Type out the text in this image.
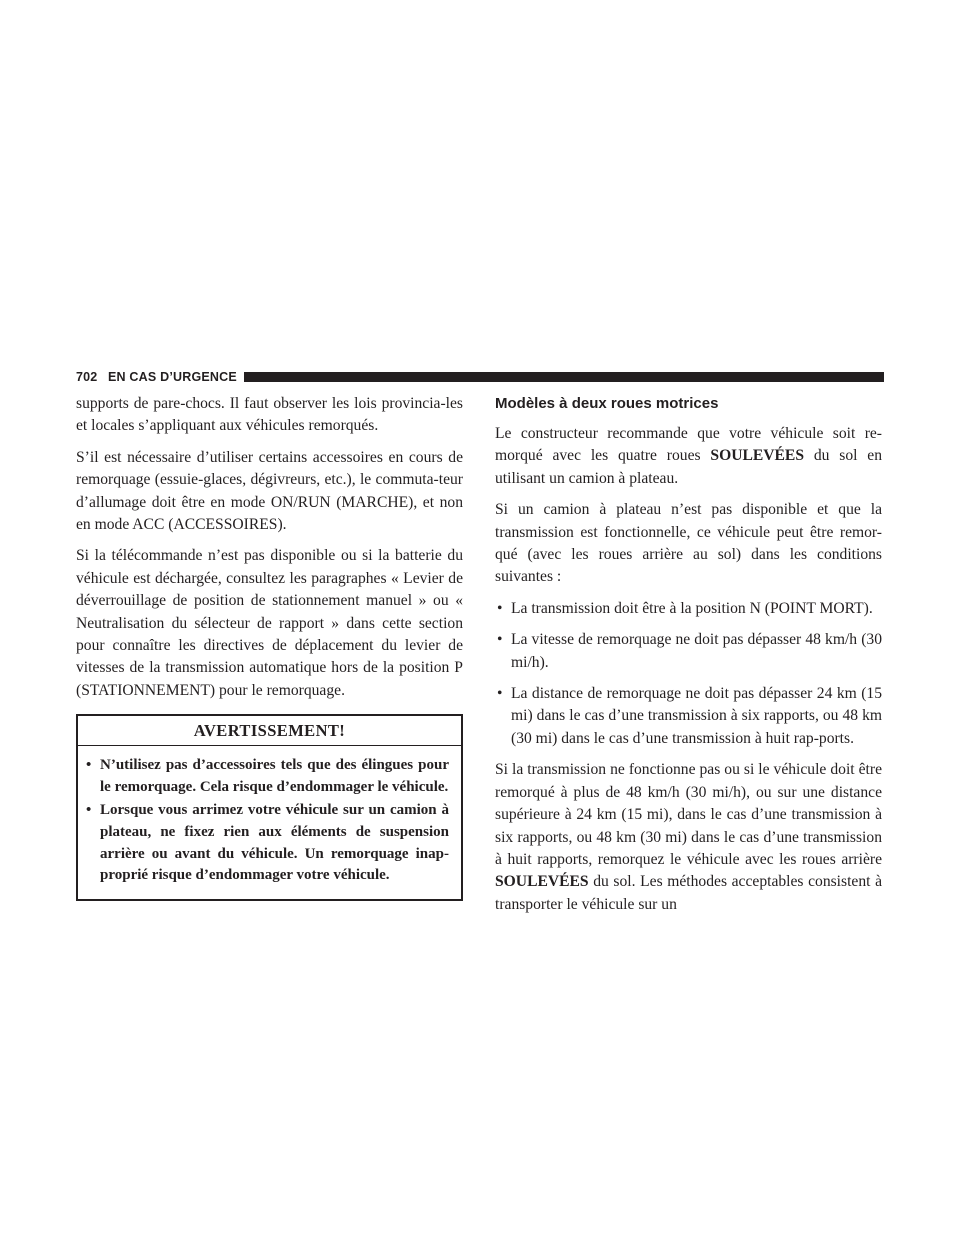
702 EN CAS D’URGENCE

supports de pare-chocs. Il faut observer les lois provincia-les et locales s’appliquant aux véhicules remorqués.

S’il est nécessaire d’utiliser certains accessoires en cours de remorquage (essuie-glaces, dégivreurs, etc.), le commuta-teur d’allumage doit être en mode ON/RUN (MARCHE), et non en mode ACC (ACCESSOIRES).

Si la télécommande n’est pas disponible ou si la batterie du véhicule est déchargée, consultez les paragraphes « Levier de déverrouillage de position de stationnement manuel » ou « Neutralisation du sélecteur de rapport » dans cette section pour connaître les directives de déplacement du levier de vitesses de la transmission automatique hors de la position P (STATIONNEMENT) pour le remorquage.

AVERTISSEMENT!
• N’utilisez pas d’accessoires tels que des élingues pour le remorquage. Cela risque d’endommager le véhicule.
• Lorsque vous arrimez votre véhicule sur un camion à plateau, ne fixez rien aux éléments de suspension arrière ou avant du véhicule. Un remorquage inap-proprié risque d’endommager votre véhicule.
Modèles à deux roues motrices

Le constructeur recommande que votre véhicule soit re-morqué avec les quatre roues SOULEVÉES du sol en utilisant un camion à plateau.

Si un camion à plateau n’est pas disponible et que la transmission est fonctionnelle, ce véhicule peut être remor-qué (avec les roues arrière au sol) dans les conditions suivantes :

• La transmission doit être à la position N (POINT MORT).
• La vitesse de remorquage ne doit pas dépasser 48 km/h (30 mi/h).
• La distance de remorquage ne doit pas dépasser 24 km (15 mi) dans le cas d’une transmission à six rapports, ou 48 km (30 mi) dans le cas d’une transmission à huit rap-ports.

Si la transmission ne fonctionne pas ou si le véhicule doit être remorqué à plus de 48 km/h (30 mi/h), ou sur une distance supérieure à 24 km (15 mi), dans le cas d’une transmission à six rapports, ou 48 km (30 mi) dans le cas d’une transmission à huit rapports, remorquez le véhicule avec les roues arrière SOULEVÉES du sol. Les méthodes acceptables consistent à transporter le véhicule sur un
